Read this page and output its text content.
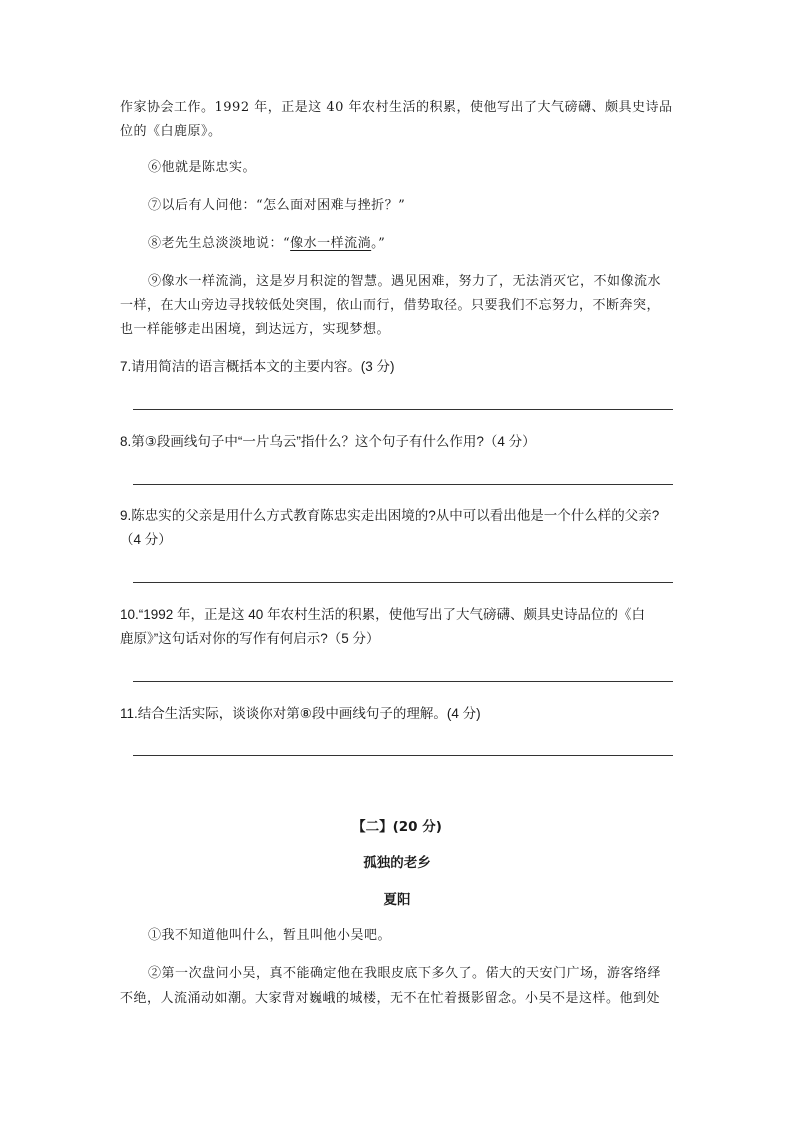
作家协会工作。1992 年，正是这 40 年农村生活的积累，使他写出了大气磅礴、颇具史诗品
位的《白鹿原》。
⑥他就是陈忠实。
⑦以后有人问他：“怎么面对困难与挫折？”
⑧老先生总淡淡地说：“像水一样流淌。”
⑨像水一样流淌，这是岁月积淀的智慧。遇见困难，努力了，无法消灭它，不如像流水
一样，在大山旁边寻找较低处突围，依山而行，借势取径。只要我们不忘努力，不断奔突，
也一样能够走出困境，到达远方，实现梦想。
7.请用简洁的语言概括本文的主要内容。(3 分)
8.第③段画线句子中“一片乌云”指什么？这个句子有什么作用?（4 分）
9.陈忠实的父亲是用什么方式教育陈忠实走出困境的?从中可以看出他是一个什么样的父亲?
（4 分）
10.“1992 年，正是这 40 年农村生活的积累，使他写出了大气磅礴、颇具史诗品位的《白
鹿原》”这句话对你的写作有何启示?（5 分）
11.结合生活实际，谈谈你对第⑧段中画线句子的理解。(4 分)
【二】(20 分)
孤独的老乡
夏阳
①我不知道他叫什么，暂且叫他小吴吧。
②第一次盘问小吴，真不能确定他在我眼皮底下多久了。偌大的天安门广场，游客络绎
不绝，人流涌动如潮。大家背对巍峨的城楼，无不在忙着摄影留念。小吴不是这样。他到处
